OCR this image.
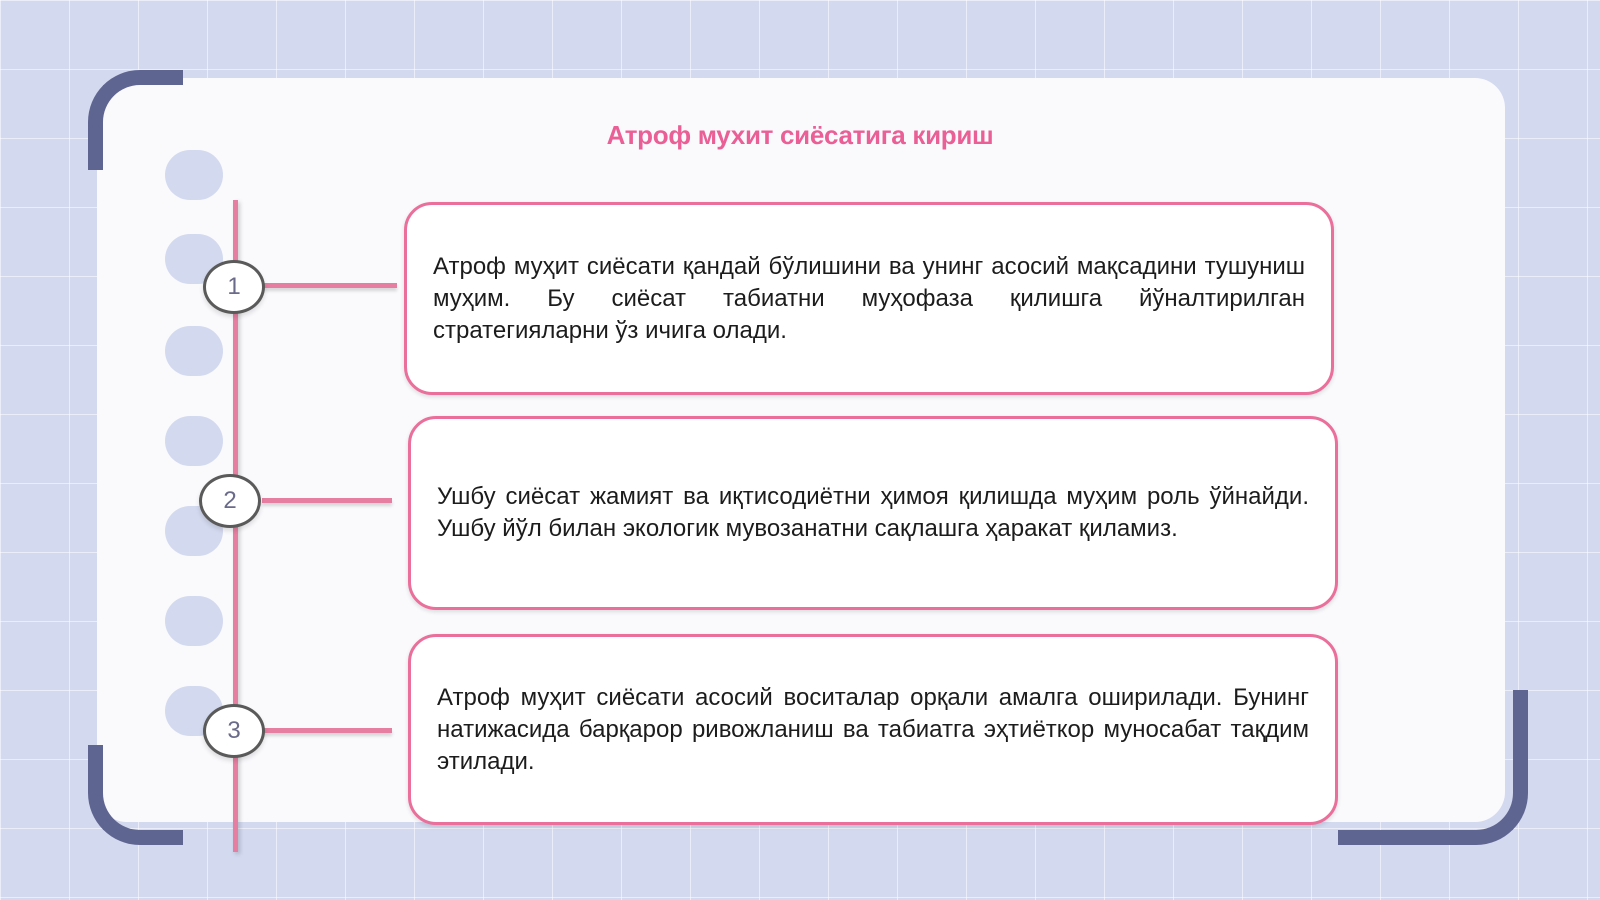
Атроф мухит сиёсатига кириш
1
Атроф муҳит сиёсати қандай бўлишини ва унинг асосий мақсадини тушуниш муҳим. Бу сиёсат табиатни муҳофаза қилишга йўналтирилган стратегияларни ўз ичига олади.
2	Ушбу сиёсат жамият ва иқтисодиётни ҳимоя қилишда муҳим роль ўйнайди. Ушбу йўл билан экологик мувозанатни сақлашга ҳаракат қиламиз.
3
Атроф муҳит сиёсати асосий воситалар орқали амалга оширилади. Бунинг натижасида барқарор ривожланиш ва табиатга эҳтиёткор муносабат тақдим этилади.
